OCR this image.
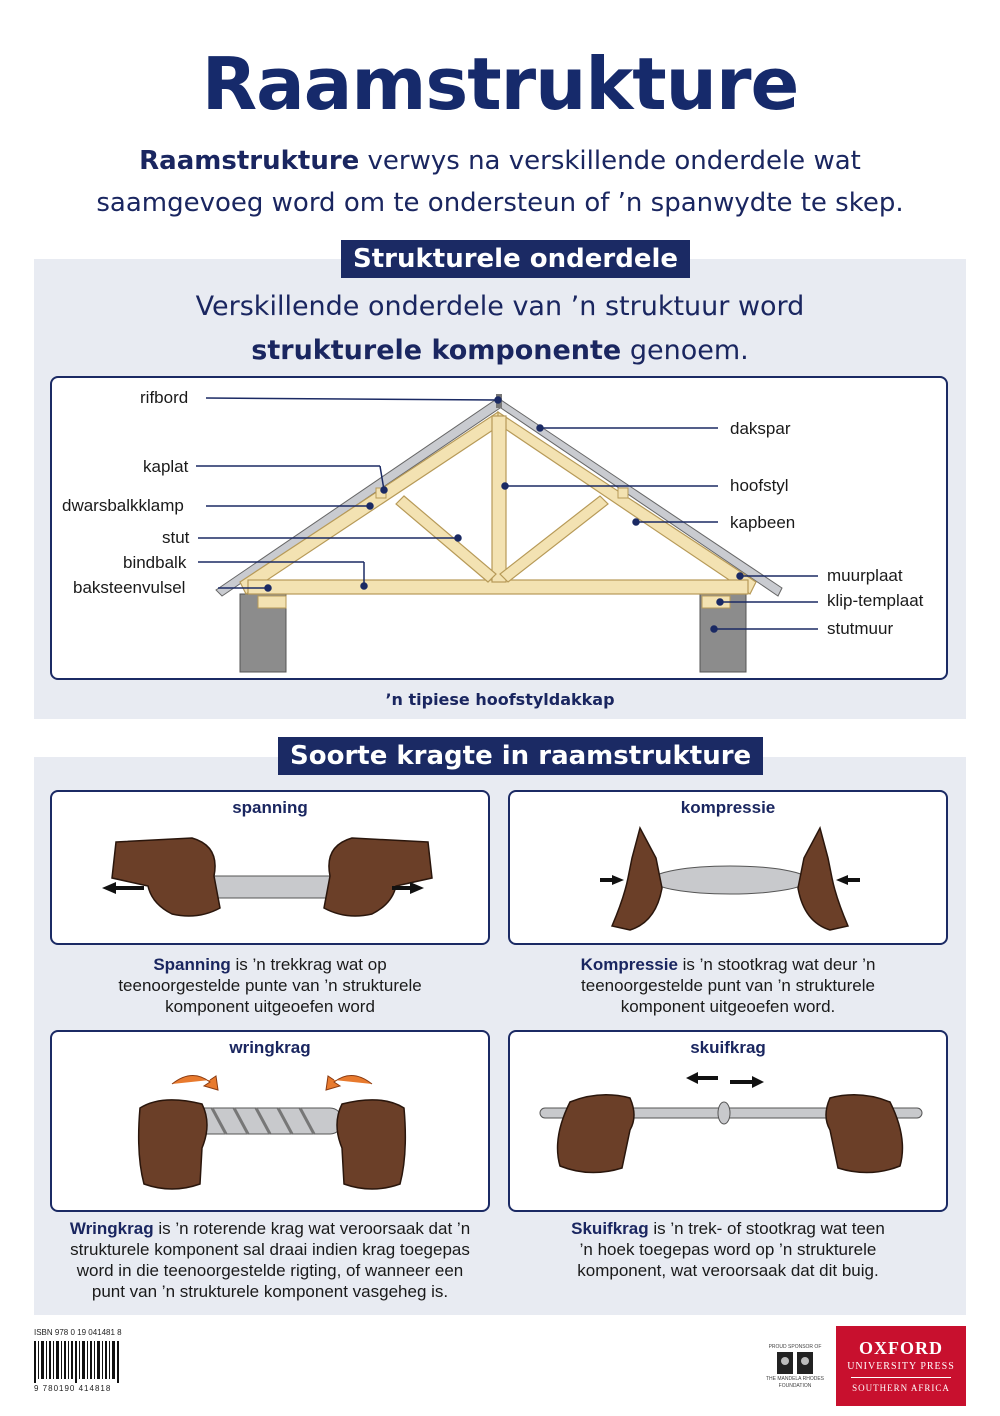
Raamstrukture
Raamstrukture verwys na verskillende onderdele wat
saamgevoeg word om te ondersteun of ’n spanwydte te skep.
Strukturele onderdele
Verskillende onderdele van ’n struktuur word
strukturele komponente genoem.
rifbord
kaplat
dwarsbalkklamp
stut
bindbalk
baksteenvulsel
dakspar
hoofstyl
kapbeen
muurplaat
klip-templaat
stutmuur
’n tipiese hoofstyldakkap
Soorte kragte in raamstrukture
spanning
Spanning is ’n trekkrag wat op
teenoorgestelde punte van ’n strukturele
komponent uitgeoefen word
kompressie
Kompressie is ’n stootkrag wat deur ’n
teenoorgestelde punt van ’n strukturele
komponent uitgeoefen word.
wringkrag
Wringkrag is ’n roterende krag wat veroorsaak dat ’n
strukturele komponent sal draai indien krag toegepas
word in die teenoorgestelde rigting, of wanneer een
punt van ’n strukturele komponent vasgeheg is.
skuifkrag
Skuifkrag is ’n trek- of stootkrag wat teen
’n hoek toegepas word op ’n strukturele
komponent, wat veroorsaak dat dit buig.
ISBN 978 0 19 041481 8
9 780190 414818
PROUD SPONSOR OF
THE MANDELA RHODES
FOUNDATION
OXFORD
UNIVERSITY PRESS
SOUTHERN AFRICA
